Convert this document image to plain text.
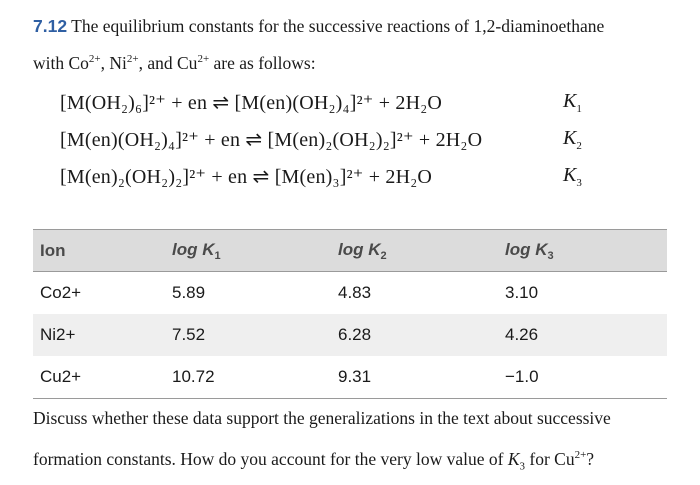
7.12 The equilibrium constants for the successive reactions of 1,2-diaminoethane
with $Co^{2+}$, $Ni^{2+}$, and $Cu^{2+}$ are as follows:
[M(OH₂)₆]²⁺ + en ⇌ [M(en)(OH₂)₄]²⁺ + 2H₂O	$K_1$
[M(en)(OH₂)₄]²⁺ + en ⇌ [M(en)₂(OH₂)₂]²⁺ + 2H₂O	$K_2$
[M(en)₂(OH₂)₂]²⁺ + en ⇌ [M(en)₃]²⁺ + 2H₂O	$K_3$
Ion	$\log K_1$	$\log K_2$	$\log K_3$
Co2+	5.89	4.83	3.10
Ni2+	7.52	6.28	4.26
Cu2+	10.72	9.31	−1.0
Discuss whether these data support the generalizations in the text about successive
formation constants. How do you account for the very low value of $K_3$ for $Cu^{2+}$?
